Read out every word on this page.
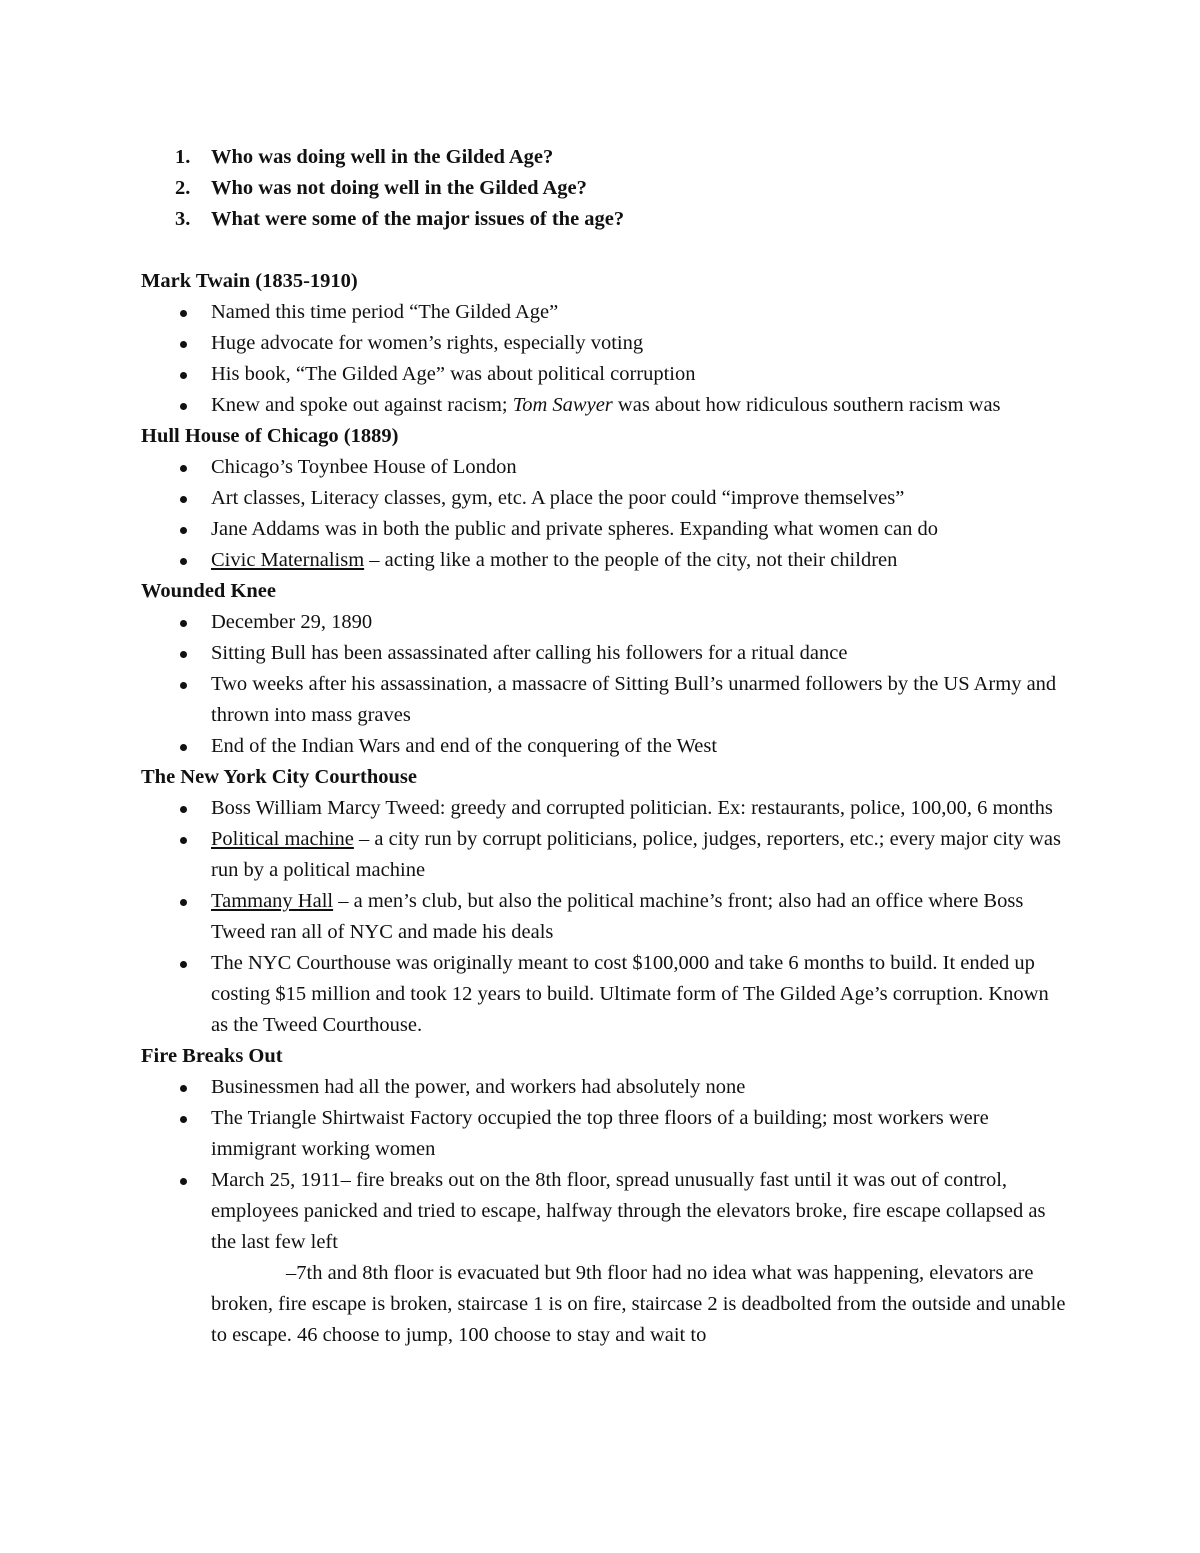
1. Who was doing well in the Gilded Age?
2. Who was not doing well in the Gilded Age?
3. What were some of the major issues of the age?
Mark Twain (1835-1910)
Named this time period “The Gilded Age”
Huge advocate for women’s rights, especially voting
His book, “The Gilded Age” was about political corruption
Knew and spoke out against racism; Tom Sawyer was about how ridiculous southern racism was
Hull House of Chicago (1889)
Chicago’s Toynbee House of London
Art classes, Literacy classes, gym, etc. A place the poor could “improve themselves”
Jane Addams was in both the public and private spheres. Expanding what women can do
Civic Maternalism – acting like a mother to the people of the city, not their children
Wounded Knee
December 29, 1890
Sitting Bull has been assassinated after calling his followers for a ritual dance
Two weeks after his assassination, a massacre of Sitting Bull’s unarmed followers by the US Army and thrown into mass graves
End of the Indian Wars and end of the conquering of the West
The New York City Courthouse
Boss William Marcy Tweed: greedy and corrupted politician. Ex: restaurants, police, 100,00, 6 months
Political machine – a city run by corrupt politicians, police, judges, reporters, etc.; every major city was run by a political machine
Tammany Hall – a men’s club, but also the political machine’s front; also had an office where Boss Tweed ran all of NYC and made his deals
The NYC Courthouse was originally meant to cost $100,000 and take 6 months to build. It ended up costing $15 million and took 12 years to build. Ultimate form of The Gilded Age’s corruption. Known as the Tweed Courthouse.
Fire Breaks Out
Businessmen had all the power, and workers had absolutely none
The Triangle Shirtwaist Factory occupied the top three floors of a building; most workers were immigrant working women
March 25, 1911– fire breaks out on the 8th floor, spread unusually fast until it was out of control, employees panicked and tried to escape, halfway through the elevators broke, fire escape collapsed as the last few left
–7th and 8th floor is evacuated but 9th floor had no idea what was happening, elevators are broken, fire escape is broken, staircase 1 is on fire, staircase 2 is deadbolted from the outside and unable to escape. 46 choose to jump, 100 choose to stay and wait to
